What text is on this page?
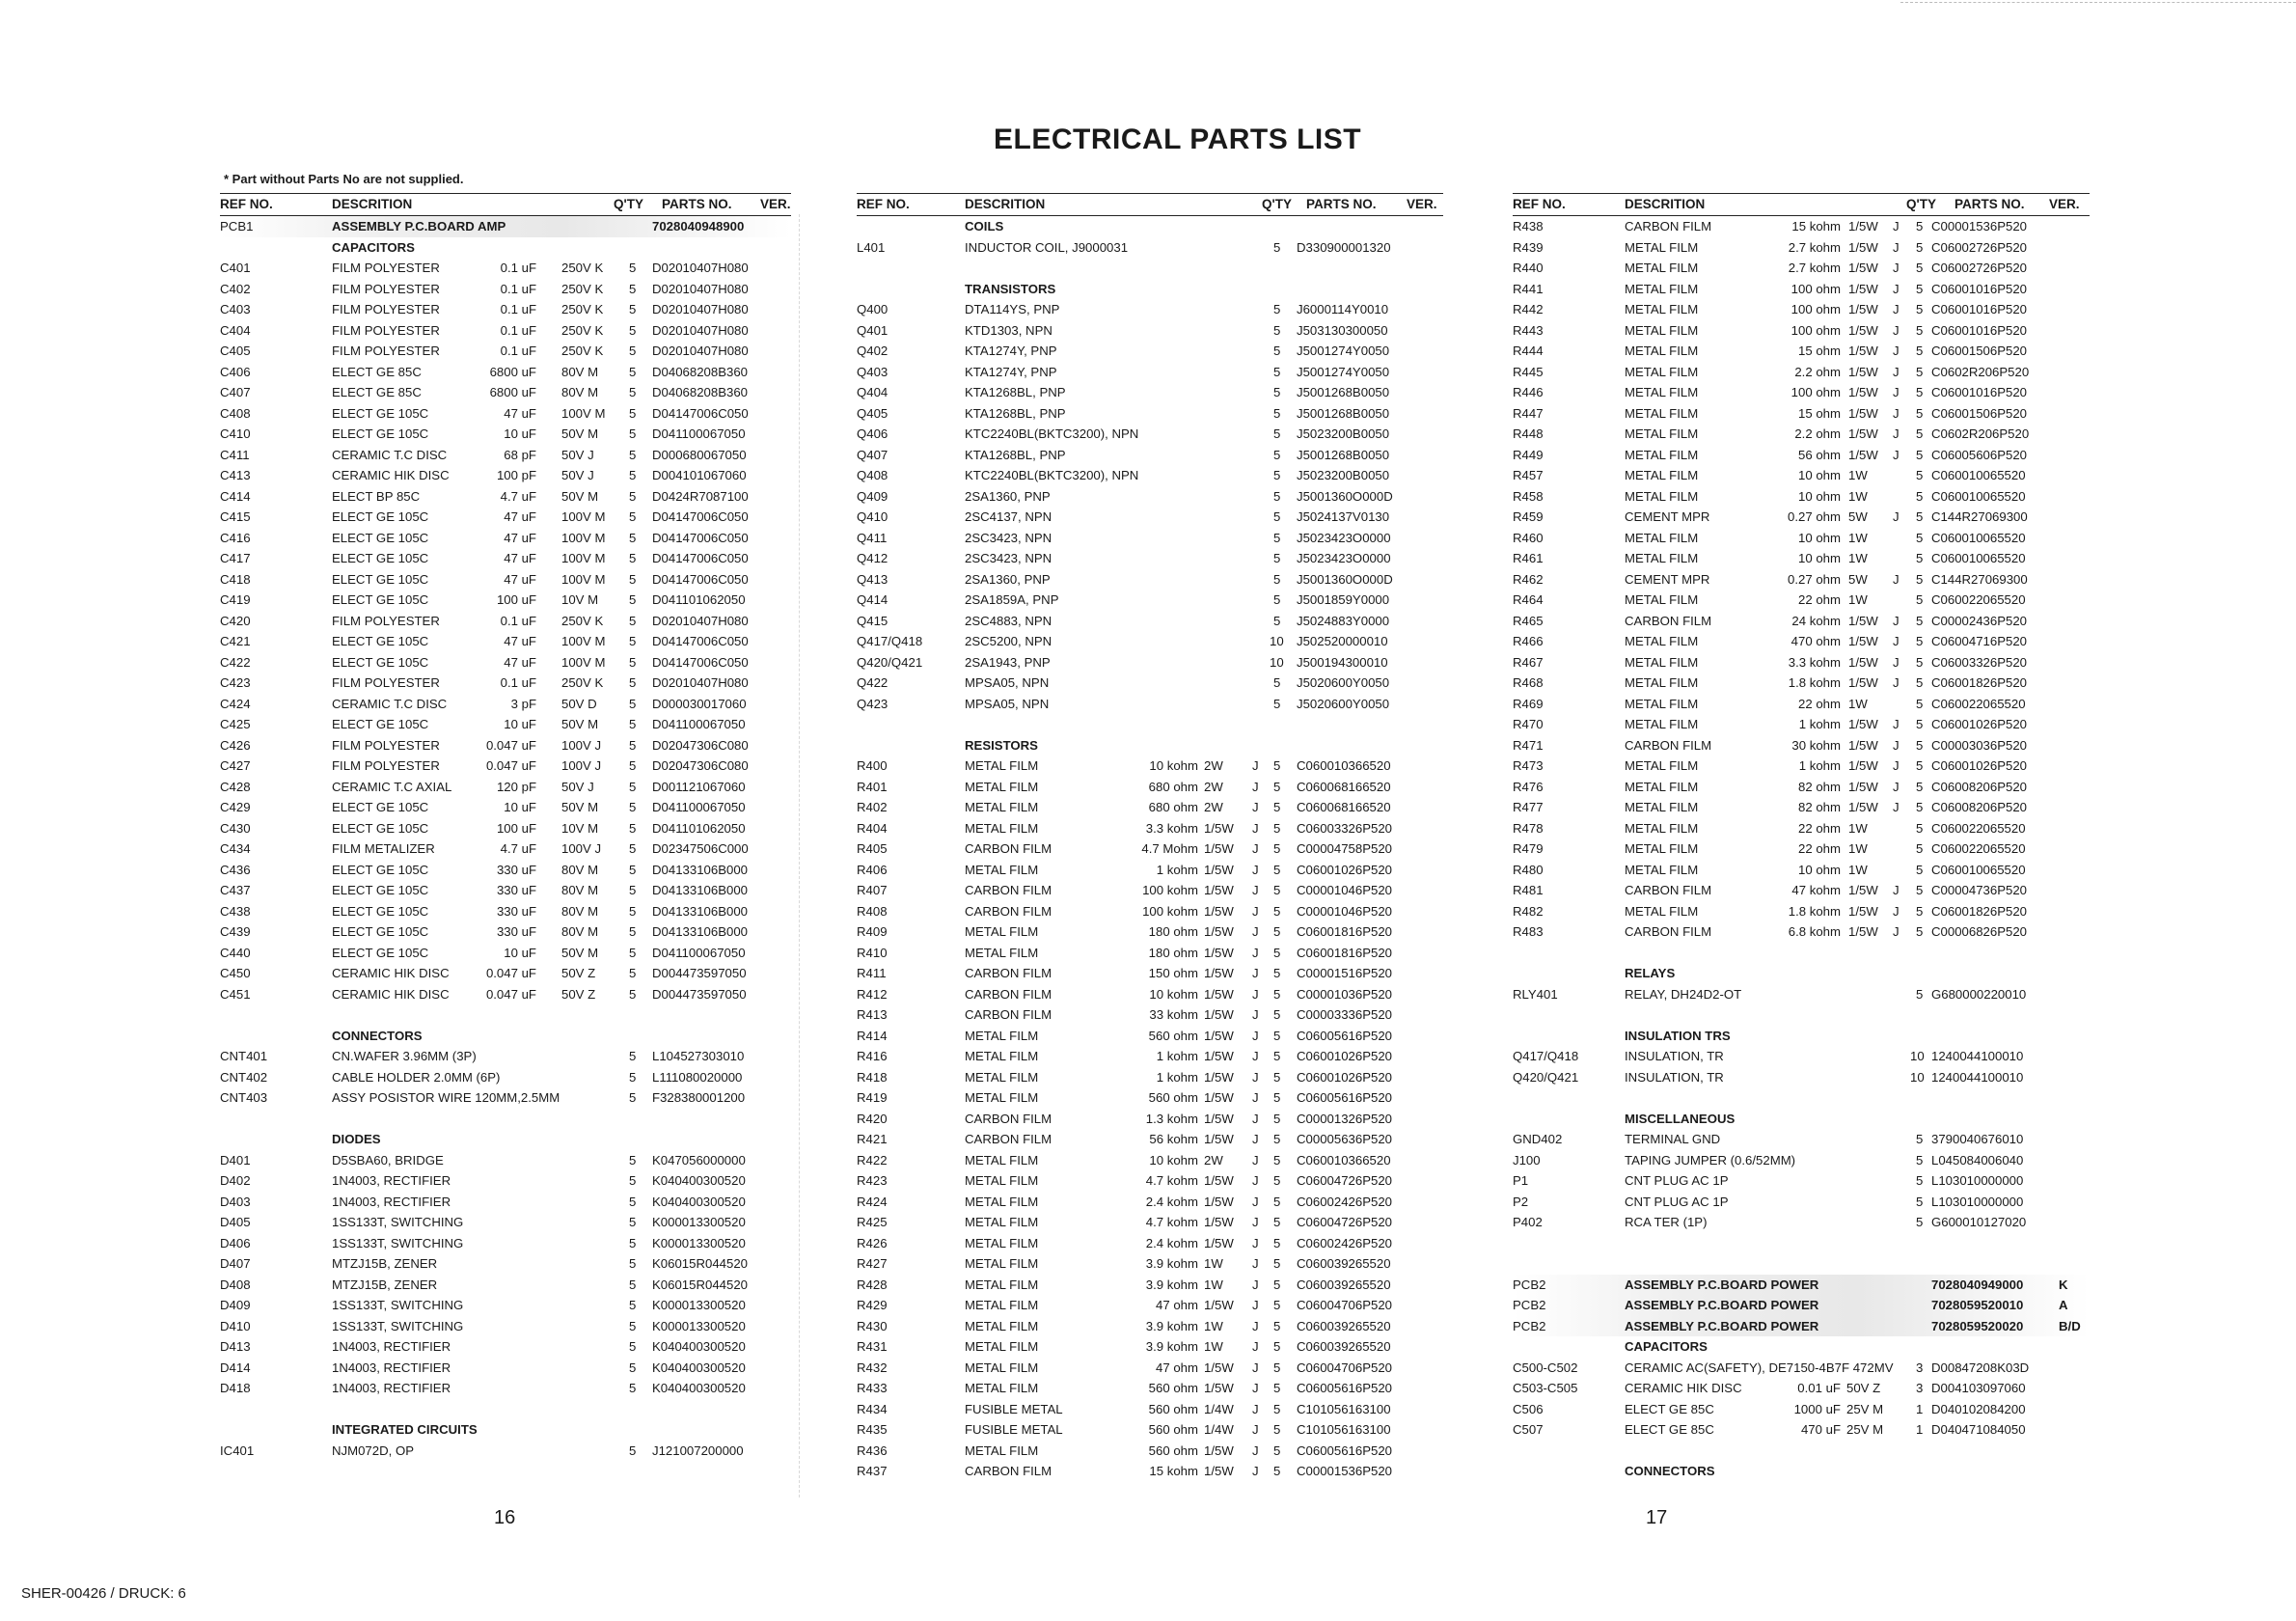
ELECTRICAL PARTS LIST
* Part without Parts No are not supplied.
REF NO.	DESCRITION	Q'TY PARTS NO. VER.
PCB1	ASSEMBLY P.C.BOARD AMP	7028040948900
CAPACITORS
C401	FILM POLYESTER	0.1 uF 250V K 5 D02010407H080
C402	FILM POLYESTER	0.1 uF 250V K 5 D02010407H080
C403	FILM POLYESTER	0.1 uF 250V K 5 D02010407H080
C404	FILM POLYESTER	0.1 uF 250V K 5 D02010407H080
C405	FILM POLYESTER	0.1 uF 250V K 5 D02010407H080
C406	ELECT GE 85C	6800 uF 80V M 5 D04068208B360
C407	ELECT GE 85C	6800 uF 80V M 5 D04068208B360
C408	ELECT GE 105C	47 uF 100V M 5 D04147006C050
C410	ELECT GE 105C	10 uF 50V M 5 D041100067050
C411	CERAMIC T.C DISC	68 pF 50V J	5 D000680067050
C413	CERAMIC HIK DISC	100 pF 50V J	5 D004101067060
C414	ELECT BP 85C	4.7 uF 50V M 5 D0424R7087100
C415	ELECT GE 105C	47 uF 100V M 5 D04147006C050
C416	ELECT GE 105C	47 uF 100V M 5 D04147006C050
C417	ELECT GE 105C	47 uF 100V M 5 D04147006C050
C418	ELECT GE 105C	47 uF 100V M 5 D04147006C050
C419	ELECT GE 105C	100 uF 10V M 5 D041101062050
C420	FILM POLYESTER	0.1 uF 250V K 5 D02010407H080
C421	ELECT GE 105C	47 uF 100V M 5 D04147006C050
C422	ELECT GE 105C	47 uF 100V M 5 D04147006C050
C423	FILM POLYESTER	0.1 uF 250V K 5 D02010407H080
C424	CERAMIC T.C DISC	3 pF 50V D	5 D000030017060
C425	ELECT GE 105C	10 uF 50V M 5 D041100067050
C426	FILM POLYESTER	0.047 uF 100V J 5 D02047306C080
C427	FILM POLYESTER	0.047 uF 100V J 5 D02047306C080
C428	CERAMIC T.C AXIAL	120 pF 50V J	5 D001121067060
C429	ELECT GE 105C	10 uF 50V M 5 D041100067050
C430	ELECT GE 105C	100 uF 10V M 5 D041101062050
C434	FILM METALIZER	4.7 uF 100V J 5 D02347506C000
C436	ELECT GE 105C	330 uF 80V M 5 D04133106B000
C437	ELECT GE 105C	330 uF 80V M 5 D04133106B000
C438	ELECT GE 105C	330 uF 80V M 5 D04133106B000
C439	ELECT GE 105C	330 uF 80V M 5 D04133106B000
C440	ELECT GE 105C	10 uF 50V M 5 D041100067050
C450	CERAMIC HIK DISC	0.047 uF 50V Z	5 D004473597050
C451	CERAMIC HIK DISC	0.047 uF 50V Z	5 D004473597050
CONNECTORS
CNT401	CN.WAFER 3.96MM (3P)	5 L104527303010
CNT402	CABLE HOLDER 2.0MM (6P)	5 L111080020000
CNT403	ASSY POSISTOR WIRE 120MM,2.5MM	5 F328380001200
DIODES
D401	D5SBA60, BRIDGE	5 K047056000000
D402	1N4003, RECTIFIER	5 K040400300520
D403	1N4003, RECTIFIER	5 K040400300520
D405	1SS133T, SWITCHING	5 K000013300520
D406	1SS133T, SWITCHING	5 K000013300520
D407	MTZJ15B, ZENER	5 K06015R044520
D408	MTZJ15B, ZENER	5 K06015R044520
D409	1SS133T, SWITCHING	5 K000013300520
D410	1SS133T, SWITCHING	5 K000013300520
D413	1N4003, RECTIFIER	5 K040400300520
D414	1N4003, RECTIFIER	5 K040400300520
D418	1N4003, RECTIFIER	5 K040400300520
INTEGRATED CIRCUITS
IC401	NJM072D, OP	5 J121007200000
REF NO.	DESCRITION	Q'TY PARTS NO. VER.
COILS
L401	INDUCTOR COIL, J9000031	5 D330900001320
TRANSISTORS
Q400	DTA114YS, PNP	5 J6000114Y0010
Q401	KTD1303, NPN	5 J503130300050
Q402	KTA1274Y, PNP	5 J5001274Y0050
Q403	KTA1274Y, PNP	5 J5001274Y0050
Q404	KTA1268BL, PNP	5 J5001268B0050
Q405	KTA1268BL, PNP	5 J5001268B0050
Q406	KTC2240BL(BKTC3200), NPN	5 J5023200B0050
Q407	KTA1268BL, PNP	5 J5001268B0050
Q408	KTC2240BL(BKTC3200), NPN	5 J5023200B0050
Q409	2SA1360, PNP	5 J5001360O000D
Q410	2SC4137, NPN	5 J5024137V0130
Q411	2SC3423, NPN	5 J5023423O0000
Q412	2SC3423, NPN	5 J5023423O0000
Q413	2SA1360, PNP	5 J5001360O000D
Q414	2SA1859A, PNP	5 J5001859Y0000
Q415	2SC4883, NPN	5 J5024883Y0000
Q417/Q418	2SC5200, NPN	10 J502520000010
Q420/Q421	2SA1943, PNP	10 J500194300010
Q422	MPSA05, NPN	5 J5020600Y0050
Q423	MPSA05, NPN	5 J5020600Y0050
RESISTORS
R400	METAL FILM	10 kohm 2W J 5 C060010366520
R401	METAL FILM	680 ohm 2W J 5 C060068166520
R402	METAL FILM	680 ohm 2W J 5 C060068166520
R404	METAL FILM	3.3 kohm 1/5W J 5 C06003326P520
R405	CARBON FILM	4.7 Mohm 1/5W J 5 C00004758P520
R406	METAL FILM	1 kohm 1/5W J 5 C06001026P520
R407	CARBON FILM	100 kohm 1/5W J 5 C00001046P520
R408	CARBON FILM	100 kohm 1/5W J 5 C00001046P520
R409	METAL FILM	180 ohm 1/5W J 5 C06001816P520
R410	METAL FILM	180 ohm 1/5W J 5 C06001816P520
R411	CARBON FILM	150 ohm 1/5W J 5 C00001516P520
R412	CARBON FILM	10 kohm 1/5W J 5 C00001036P520
R413	CARBON FILM	33 kohm 1/5W J 5 C00003336P520
R414	METAL FILM	560 ohm 1/5W J 5 C06005616P520
R416	METAL FILM	1 kohm 1/5W J 5 C06001026P520
R418	METAL FILM	1 kohm 1/5W J 5 C06001026P520
R419	METAL FILM	560 ohm 1/5W J 5 C06005616P520
R420	CARBON FILM	1.3 kohm 1/5W J 5 C00001326P520
R421	CARBON FILM	56 kohm 1/5W J 5 C00005636P520
R422	METAL FILM	10 kohm 2W J 5 C060010366520
R423	METAL FILM	4.7 kohm 1/5W J 5 C06004726P520
R424	METAL FILM	2.4 kohm 1/5W J 5 C06002426P520
R425	METAL FILM	4.7 kohm 1/5W J 5 C06004726P520
R426	METAL FILM	2.4 kohm 1/5W J 5 C06002426P520
R427	METAL FILM	3.9 kohm 1W J 5 C060039265520
R428	METAL FILM	3.9 kohm 1W J 5 C060039265520
R429	METAL FILM	47 ohm 1/5W J 5 C06004706P520
R430	METAL FILM	3.9 kohm 1W J 5 C060039265520
R431	METAL FILM	3.9 kohm 1W J 5 C060039265520
R432	METAL FILM	47 ohm 1/5W J 5 C06004706P520
R433	METAL FILM	560 ohm 1/5W J 5 C06005616P520
R434	FUSIBLE METAL	560 ohm 1/4W J 5 C101056163100
R435	FUSIBLE METAL	560 ohm 1/4W J 5 C101056163100
R436	METAL FILM	560 ohm 1/5W J 5 C06005616P520
R437	CARBON FILM	15 kohm 1/5W J 5 C00001536P520
REF NO.	DESCRITION	Q'TY PARTS NO. VER.
R438	CARBON FILM	15 kohm 1/5W J 5 C00001536P520
R439	METAL FILM	2.7 kohm 1/5W J 5 C06002726P520
R440	METAL FILM	2.7 kohm 1/5W J 5 C06002726P520
R441	METAL FILM	100 ohm 1/5W J 5 C06001016P520
R442	METAL FILM	100 ohm 1/5W J 5 C06001016P520
R443	METAL FILM	100 ohm 1/5W J 5 C06001016P520
R444	METAL FILM	15 ohm 1/5W J 5 C06001506P520
R445	METAL FILM	2.2 ohm 1/5W J 5 C0602R206P520
R446	METAL FILM	100 ohm 1/5W J 5 C06001016P520
R447	METAL FILM	15 ohm 1/5W J 5 C06001506P520
R448	METAL FILM	2.2 ohm 1/5W J 5 C0602R206P520
R449	METAL FILM	56 ohm 1/5W J 5 C06005606P520
R457	METAL FILM	10 ohm 1W	5 C060010065520
R458	METAL FILM	10 ohm 1W	5 C060010065520
R459	CEMENT MPR	0.27 ohm 5W J 5 C144R27069300
R460	METAL FILM	10 ohm 1W	5 C060010065520
R461	METAL FILM	10 ohm 1W	5 C060010065520
R462	CEMENT MPR	0.27 ohm 5W J 5 C144R27069300
R464	METAL FILM	22 ohm 1W	5 C060022065520
R465	CARBON FILM	24 kohm 1/5W J 5 C00002436P520
R466	METAL FILM	470 ohm 1/5W J 5 C06004716P520
R467	METAL FILM	3.3 kohm 1/5W J 5 C06003326P520
R468	METAL FILM	1.8 kohm 1/5W J 5 C06001826P520
R469	METAL FILM	22 ohm 1W	5 C060022065520
R470	METAL FILM	1 kohm 1/5W J 5 C06001026P520
R471	CARBON FILM	30 kohm 1/5W J 5 C00003036P520
R473	METAL FILM	1 kohm 1/5W J 5 C06001026P520
R476	METAL FILM	82 ohm 1/5W J 5 C06008206P520
R477	METAL FILM	82 ohm 1/5W J 5 C06008206P520
R478	METAL FILM	22 ohm 1W	5 C060022065520
R479	METAL FILM	22 ohm 1W	5 C060022065520
R480	METAL FILM	10 ohm 1W	5 C060010065520
R481	CARBON FILM	47 kohm 1/5W J 5 C00004736P520
R482	METAL FILM	1.8 kohm 1/5W J 5 C06001826P520
R483	CARBON FILM	6.8 kohm 1/5W J 5 C00006826P520
RELAYS
RLY401	RELAY, DH24D2-OT	5 G680000220010
INSULATION TRS
Q417/Q418	INSULATION, TR	10 1240044100010
Q420/Q421	INSULATION, TR	10 1240044100010
MISCELLANEOUS
GND402	TERMINAL GND	5 3790040676010
J100	TAPING JUMPER (0.6/52MM)	5 L045084006040
P1	CNT PLUG AC 1P	5 L103010000000
P2	CNT PLUG AC 1P	5 L103010000000
P402	RCA TER (1P)	5 G600010127020
PCB2	ASSEMBLY P.C.BOARD POWER	7028040949000	K
PCB2	ASSEMBLY P.C.BOARD POWER	7028059520010	A
PCB2	ASSEMBLY P.C.BOARD POWER	7028059520020	B/D
CAPACITORS
C500-C502	CERAMIC AC(SAFETY), DE7150-4B7F 472MV 3 D00847208K03D
C503-C505	CERAMIC HIK DISC	0.01 uF 50V Z	3 D004103097060
C506	ELECT GE 85C	1000 uF 25V M	1 D040102084200
C507	ELECT GE 85C	470 uF 25V M	1 D040471084050
CONNECTORS
16	17
SHER-00426 / DRUCK: 6
